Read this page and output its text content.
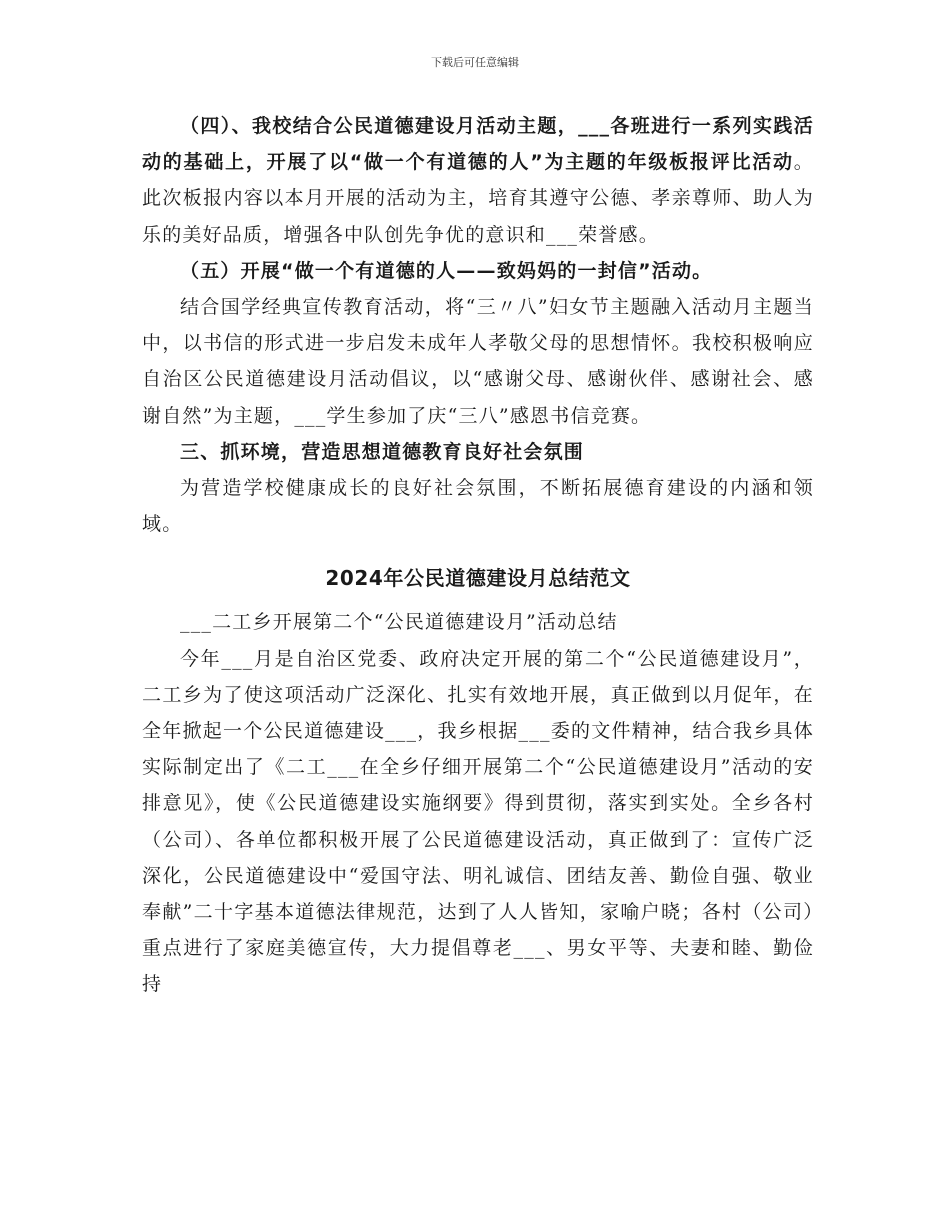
下载后可任意编辑

（四）、我校结合公民道德建设月活动主题，___各班进行一系列实践活动的基础上，开展了以“做一个有道德的人”为主题的年级板报评比活动。此次板报内容以本月开展的活动为主，培育其遵守公德、孝亲尊师、助人为乐的美好品质，增强各中队创先争优的意识和___荣誉感。

（五）开展“做一个有道德的人——致妈妈的一封信”活动。

结合国学经典宣传教育活动，将“三〃八”妇女节主题融入活动月主题当中，以书信的形式进一步启发未成年人孝敬父母的思想情怀。我校积极响应自治区公民道德建设月活动倡议，以“感谢父母、感谢伙伴、感谢社会、感谢自然”为主题，___学生参加了庆“三八”感恩书信竞赛。

三、抓环境，营造思想道德教育良好社会氛围

为营造学校健康成长的良好社会氛围，不断拓展德育建设的内涵和领域。

2024年公民道德建设月总结范文

___二工乡开展第二个“公民道德建设月”活动总结

今年___月是自治区党委、政府决定开展的第二个“公民道德建设月”，二工乡为了使这项活动广泛深化、扎实有效地开展，真正做到以月促年，在全年掀起一个公民道德建设___，我乡根据___委的文件精神，结合我乡具体实际制定出了《二工___在全乡仔细开展第二个“公民道德建设月”活动的安排意见》，使《公民道德建设实施纲要》得到贯彻，落实到实处。全乡各村（公司）、各单位都积极开展了公民道德建设活动，真正做到了：宣传广泛深化，公民道德建设中“爱国守法、明礼诚信、团结友善、勤俭自强、敬业奉献”二十字基本道德法律规范，达到了人人皆知，家喻户晓；各村（公司）重点进行了家庭美德宣传，大力提倡尊老___、男女平等、夫妻和睦、勤俭持
